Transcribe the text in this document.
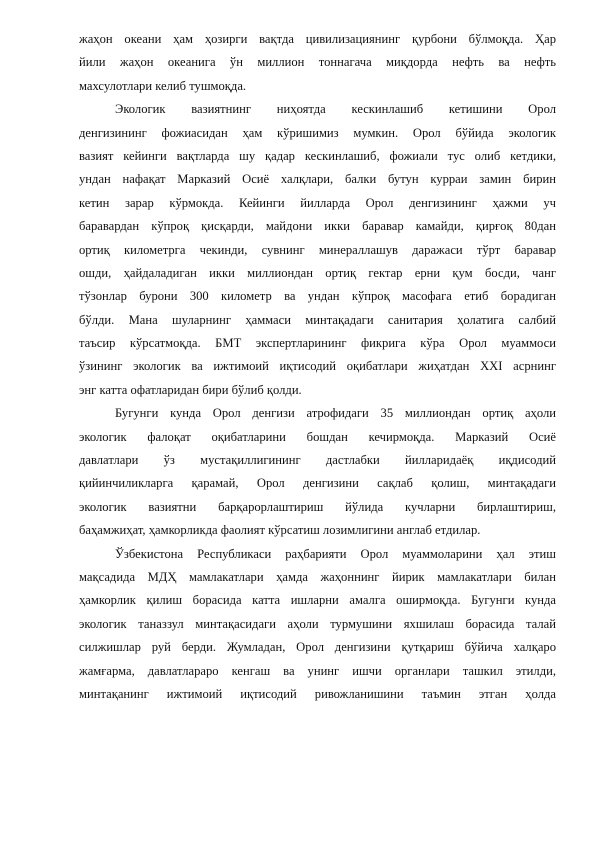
жаҳон океани ҳам ҳозирги вақтда цивилизациянинг қурбони бўлмоқда. Ҳар
йили жаҳон океанига ўн миллион тоннагача миқдорда нефть ва нефть
махсулотлари келиб тушмоқда.

Экологик вазиятнинг ниҳоятда кескинлашиб кетишини Орол
денгизининг фожиасидан ҳам кўришимиз мумкин. Орол бўйида экологик
вазият кейинги вақтларда шу қадар кескинлашиб, фожиали тус олиб кетдики,
ундан нафақат Марказий Осиё халқлари, балки бутун курраи замин бирин
кетин зарар кўрмокда. Кейинги йилларда Орол денгизининг ҳажми уч
баравардан кўпроқ қисқарди, майдони икки баравар камайди, қирғоқ 80дан
ортиқ километрга чекинди, сувнинг минераллашув даражаси тўрт баравар
ошди, ҳайдаладиган икки миллиондан ортиқ гектар ерни қум босди, чанг
тўзонлар бурони 300 километр ва ундан кўпроқ масофага етиб борадиган
бўлди. Мана шуларнинг ҳаммаси минтақадаги санитария ҳолатига салбий
таъсир кўрсатмоқда. БМТ экспертларининг фикрига кўра Орол муаммоси
ўзининг экологик ва ижтимоий иқтисодий оқибатлари жиҳатдан XXI асрнинг
энг катта офатларидан бири бўлиб қолди.

Бугунги кунда Орол денгизи атрофидаги 35 миллиондан ортиқ аҳоли
экологик фалоқат оқибатларини бошдан кечирмоқда. Марказий Осиё
давлатлари ўз мустақиллигининг дастлабки йилларидаёқ иқдисодий
қийинчиликларга қарамай, Орол денгизини сақлаб қолиш, минтақадаги
экологик вазиятни барқарорлаштириш йўлида кучларни бирлаштириш,
баҳамжиҳат, ҳамкорликда фаолият кўрсатиш лозимлигини англаб етдилар.

Ўзбекистона Республикаси раҳбарияти Орол муаммоларини ҳал этиш
мақсадида МДҲ мамлакатлари ҳамда жаҳоннинг йирик мамлакатлари билан
ҳамкорлик қилиш борасида катта ишларни амалга оширмоқда. Бугунги кунда
экологик таназзул минтақасидаги аҳоли турмушини яхшилаш борасида талай
силжишлар руй берди. Жумладан, Орол денгизини қутқариш бўйича халқаро
жамғарма, давлатлараро кенгаш ва унинг ишчи органлари ташкил этилди,
минтақанинг ижтимоий иқтисодий ривожланишини таъмин этган ҳолда
